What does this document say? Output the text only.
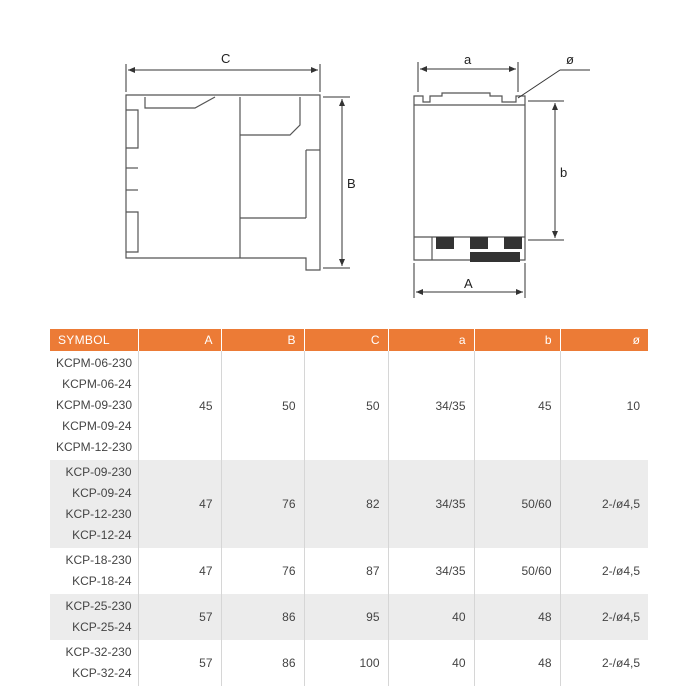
C
B
a	ø
b
A
SYMBOL	A	B	C	a	b	ø

KCPM-06-230
KCPM-06-24
KCPM-09-230
KCPM-09-24
KCPM-12-230	45	50	50	34/35	45	10

KCP-09-230
KCP-09-24
KCP-12-230
KCP-12-24	47	76	82	34/35	50/60	2-/ø4,5

KCP-18-230
KCP-18-24	47	76	87	34/35	50/60	2-/ø4,5

KCP-25-230
KCP-25-24	57	86	95	40	48	2-/ø4,5

KCP-32-230
KCP-32-24	57	86	100	40	48	2-/ø4,5
